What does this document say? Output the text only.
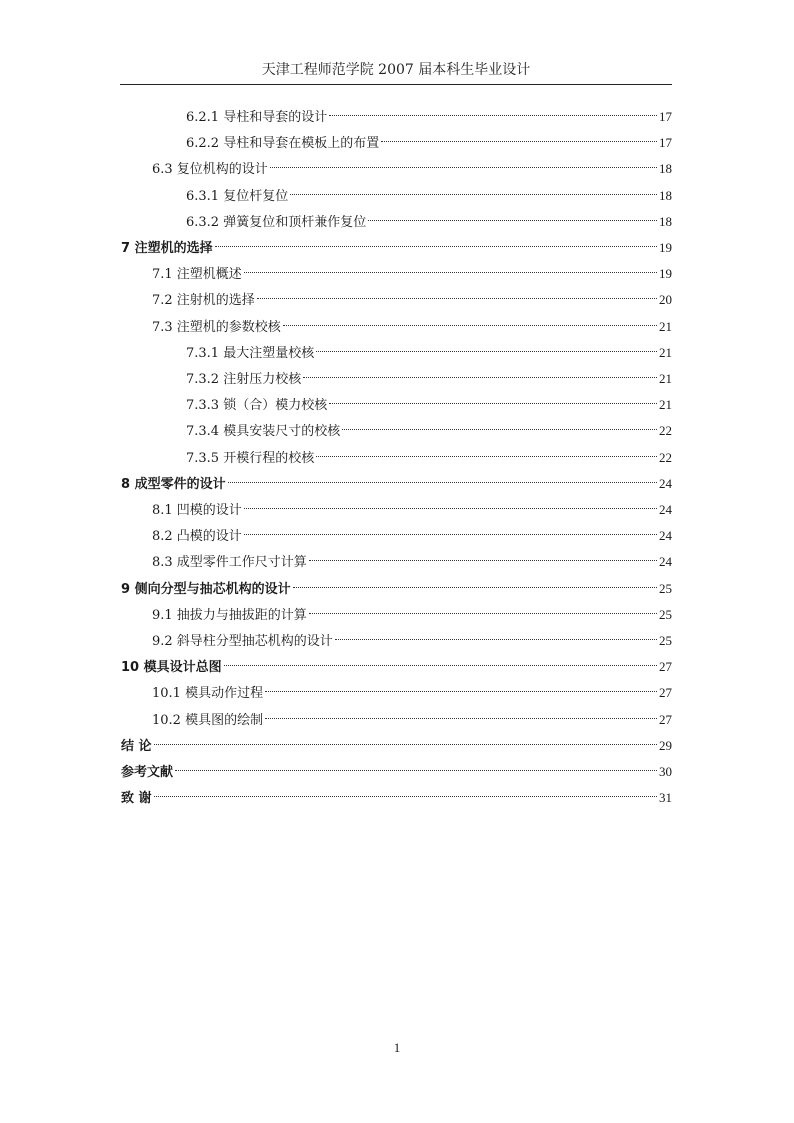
天津工程师范学院 2007 届本科生毕业设计
6.2.1 导柱和导套的设计	17
6.2.2 导柱和导套在模板上的布置	17
6.3 复位机构的设计	18
6.3.1 复位杆复位	18
6.3.2 弹簧复位和顶杆兼作复位	18
7 注塑机的选择	19
7.1 注塑机概述	19
7.2 注射机的选择	20
7.3 注塑机的参数校核	21
7.3.1 最大注塑量校核	21
7.3.2 注射压力校核	21
7.3.3 锁（合）模力校核	21
7.3.4 模具安装尺寸的校核	22
7.3.5 开模行程的校核	22
8 成型零件的设计	24
8.1 凹模的设计	24
8.2 凸模的设计	24
8.3 成型零件工作尺寸计算	24
9 侧向分型与抽芯机构的设计	25
9.1 抽拔力与抽拔距的计算	25
9.2 斜导柱分型抽芯机构的设计	25
10 模具设计总图	27
10.1 模具动作过程	27
10.2 模具图的绘制	27
结 论	29
参考文献	30
致 谢	31
1
